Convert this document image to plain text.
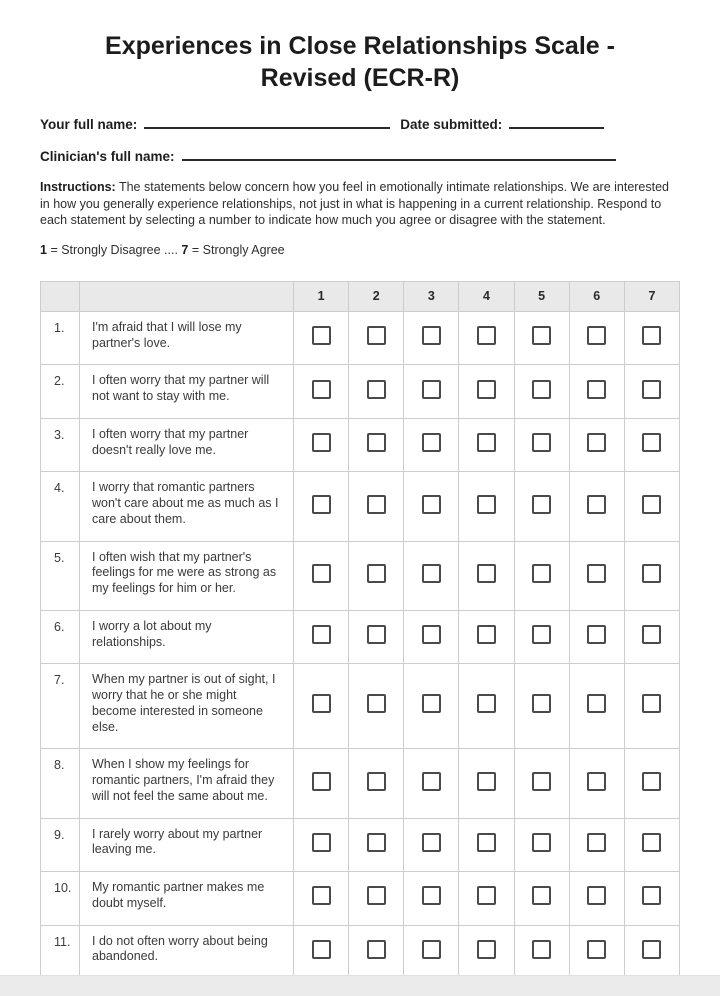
Experiences in Close Relationships Scale -
Revised (ECR-R)
Your full name:	Date submitted:
Clinician's full name:

Instructions: The statements below concern how you feel in emotionally intimate relationships. We are interested in how you generally experience relationships, not just in what is happening in a current relationship. Respond to each statement by selecting a number to indicate how much you agree or disagree with the statement.

1 = Strongly Disagree .... 7 = Strongly Agree

		1	2	3	4	5	6	7
1.	I'm afraid that I will lose my partner's love.							
2.	I often worry that my partner will not want to stay with me.							
3.	I often worry that my partner doesn't really love me.							
4.	I worry that romantic partners won't care about me as much as I care about them.							
5.	I often wish that my partner's feelings for me were as strong as my feelings for him or her.							
6.	I worry a lot about my relationships.							
7.	When my partner is out of sight, I worry that he or she might become interested in someone else.							
8.	When I show my feelings for romantic partners, I'm afraid they will not feel the same about me.							
9.	I rarely worry about my partner leaving me.							
10.	My romantic partner makes me doubt myself.							
11.	I do not often worry about being abandoned.							
